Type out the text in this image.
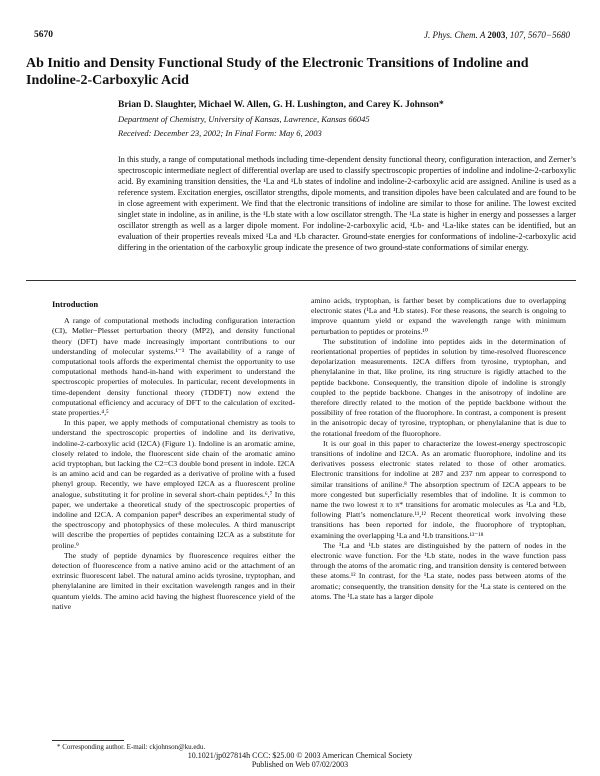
5670	J. Phys. Chem. A 2003, 107, 5670−5680
Ab Initio and Density Functional Study of the Electronic Transitions of Indoline and Indoline-2-Carboxylic Acid
Brian D. Slaughter, Michael W. Allen, G. H. Lushington, and Carey K. Johnson*
Department of Chemistry, University of Kansas, Lawrence, Kansas 66045
Received: December 23, 2002; In Final Form: May 6, 2003
In this study, a range of computational methods including time-dependent density functional theory, configuration interaction, and Zerner’s spectroscopic intermediate neglect of differential overlap are used to classify spectroscopic properties of indoline and indoline-2-carboxylic acid. By examining transition densities, the ¹La and ¹Lb states of indoline and indoline-2-carboxylic acid are assigned. Aniline is used as a reference system. Excitation energies, oscillator strengths, dipole moments, and transition dipoles have been calculated and are found to be in close agreement with experiment. We find that the electronic transitions of indoline are similar to those for aniline. The lowest excited singlet state in indoline, as in aniline, is the ¹Lb state with a low oscillator strength. The ¹La state is higher in energy and possesses a larger oscillator strength as well as a larger dipole moment. For indoline-2-carboxylic acid, ¹Lb- and ¹La-like states can be identified, but an evaluation of their properties reveals mixed ¹La and ¹Lb character. Ground-state energies for conformations of indoline-2-carboxylic acid differing in the orientation of the carboxylic group indicate the presence of two ground-state conformations of similar energy.
Introduction

A range of computational methods including configuration interaction (CI), Møller−Plesset perturbation theory (MP2), and density functional theory (DFT) have made increasingly important contributions to our understanding of molecular systems.¹⁻³ The availability of a range of computational tools affords the experimental chemist the opportunity to use computational methods hand-in-hand with experiment to understand the spectroscopic properties of molecules. In particular, recent developments in time-dependent density functional theory (TDDFT) now extend the computational efficiency and accuracy of DFT to the calculation of excited-state properties.⁴,⁵

In this paper, we apply methods of computational chemistry as tools to understand the spectroscopic properties of indoline and its derivative, indoline-2-carboxylic acid (I2CA) (Figure 1). Indoline is an aromatic amine, closely related to indole, the fluorescent side chain of the aromatic amino acid tryptophan, but lacking the C2=C3 double bond present in indole. I2CA is an amino acid and can be regarded as a derivative of proline with a fused phenyl group. Recently, we have employed I2CA as a fluorescent proline analogue, substituting it for proline in several short-chain peptides.⁶,⁷ In this paper, we undertake a theoretical study of the spectroscopic properties of indoline and I2CA. A companion paper⁸ describes an experimental study of the spectroscopy and photophysics of these molecules. A third manuscript will describe the properties of peptides containing I2CA as a substitute for proline.⁹

The study of peptide dynamics by fluorescence requires either the detection of fluorescence from a native amino acid or the attachment of an extrinsic fluorescent label. The natural amino acids tyrosine, tryptophan, and phenylalanine are limited in their excitation wavelength ranges and in their quantum yields. The amino acid having the highest fluorescence yield of the native

amino acids, tryptophan, is farther beset by complications due to overlapping electronic states (¹La and ¹Lb states). For these reasons, the search is ongoing to improve quantum yield or expand the wavelength range with minimum perturbation to peptides or proteins.¹⁰

The substitution of indoline into peptides aids in the determination of reorientational properties of peptides in solution by time-resolved fluorescence depolarization measurements. I2CA differs from tyrosine, tryptophan, and phenylalanine in that, like proline, its ring structure is rigidly attached to the peptide backbone. Consequently, the transition dipole of indoline is strongly coupled to the peptide backbone. Changes in the anisotropy of indoline are therefore directly related to the motion of the peptide backbone without the possibility of free rotation of the fluorophore. In contrast, a component is present in the anisotropic decay of tyrosine, tryptophan, or phenylalanine that is due to the rotational freedom of the fluorophore.

It is our goal in this paper to characterize the lowest-energy spectroscopic transitions of indoline and I2CA. As an aromatic fluorophore, indoline and its derivatives possess electronic states related to those of other aromatics. Electronic transitions for indoline at 287 and 237 nm appear to correspond to similar transitions of aniline.⁸ The absorption spectrum of I2CA appears to be more congested but superficially resembles that of indoline. It is common to name the two lowest π to π* transitions for aromatic molecules as ¹La and ¹Lb, following Platt’s nomenclature.¹¹,¹² Recent theoretical work involving these transitions has been reported for indole, the fluorophore of tryptophan, examining the overlapping ¹La and ¹Lb transitions.¹³⁻¹⁸

The ¹La and ¹Lb states are distinguished by the pattern of nodes in the electronic wave function. For the ¹Lb state, nodes in the wave function pass through the atoms of the aromatic ring, and transition density is centered between these atoms.¹² In contrast, for the ¹La state, nodes pass between atoms of the aromatic; consequently, the transition density for the ¹La state is centered on the atoms. The ¹La state has a larger dipole

* Corresponding author. E-mail: ckjohnson@ku.edu.
10.1021/jp027814h CCC: $25.00 © 2003 American Chemical Society
Published on Web 07/02/2003
